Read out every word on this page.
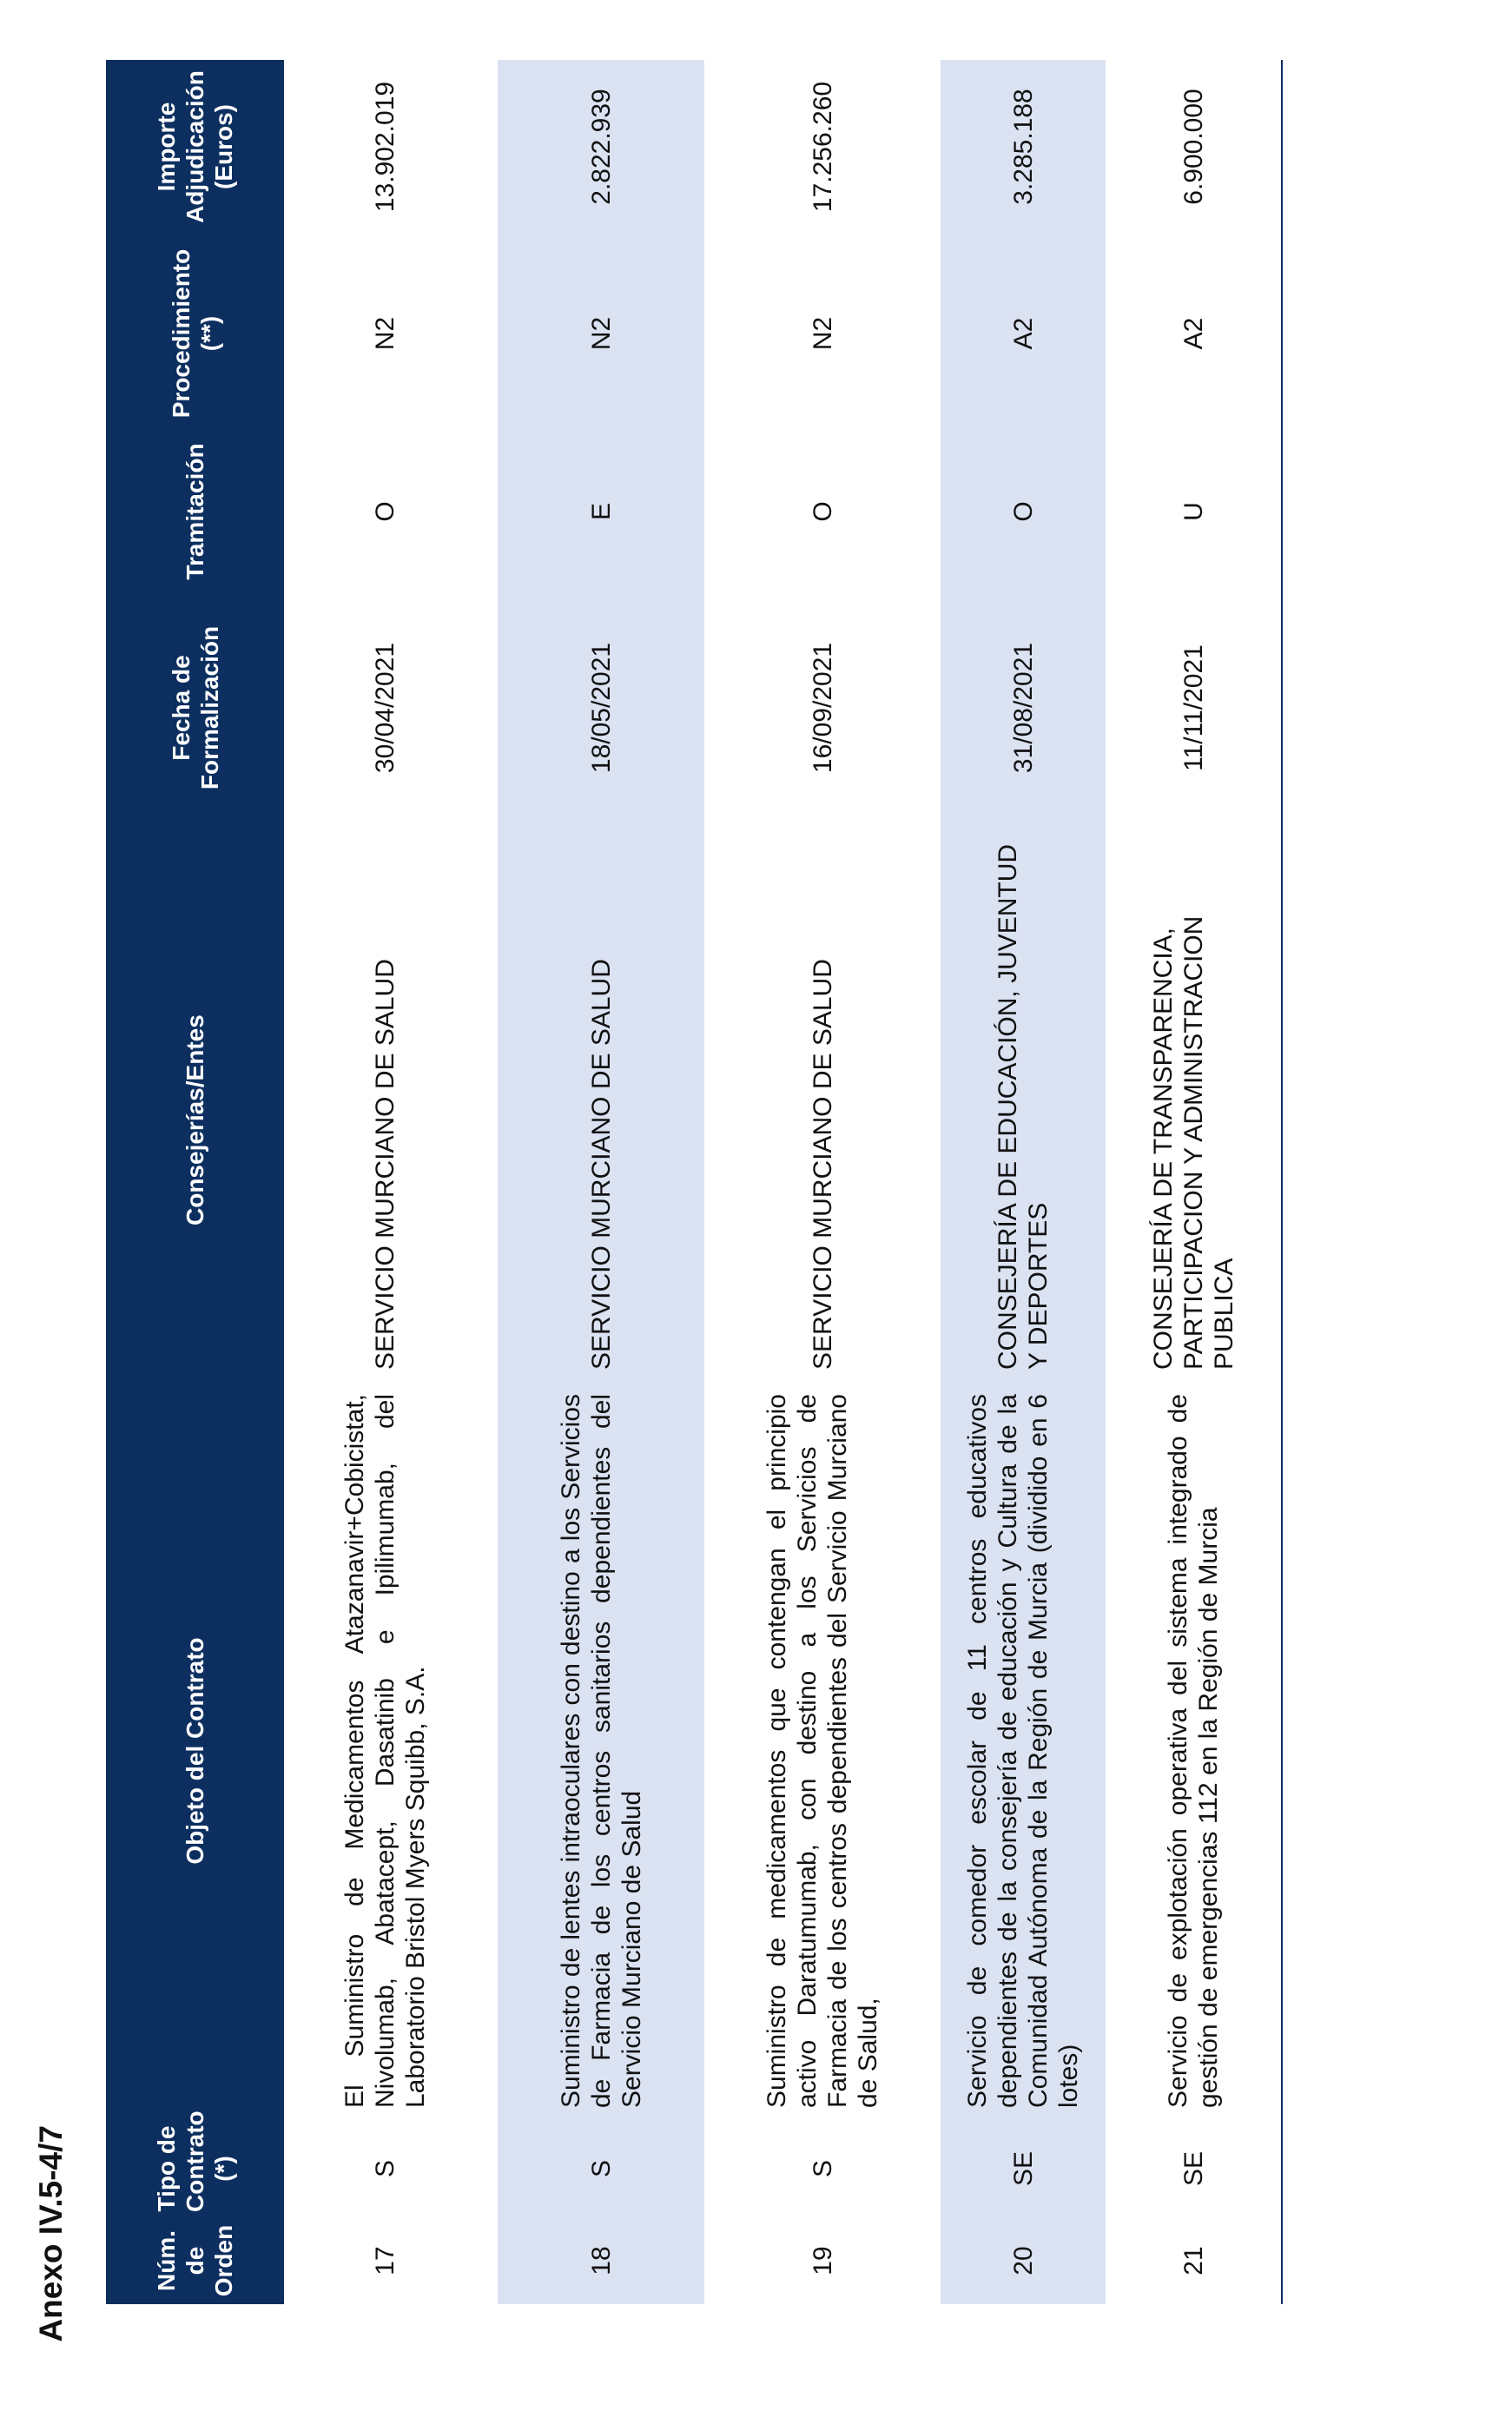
Anexo IV.5-4/7	Núm. de Orden	Tipo de Contrato (*)	Objeto del Contrato	Consejerías/Entes	Fecha de Formalización	Tramitación	Procedimiento (**)	Importe Adjudicación (Euros)
17	S	El Suministro de Medicamentos Atazanavir+Cobicistat, Nivolumab, Abatacept, Dasatinib e Ipilimumab, del Laboratorio Bristol Myers Squibb, S.A.	SERVICIO MURCIANO DE SALUD	30/04/2021	O	N2	13.902.019

18	S	Suministro de lentes intraoculares con destino a los Servicios de Farmacia de los centros sanitarios dependientes del Servicio Murciano de Salud	SERVICIO MURCIANO DE SALUD	18/05/2021	E	N2	2.822.939

19	S	Suministro de medicamentos que contengan el principio activo Daratumumab, con destino a los Servicios de Farmacia de los centros dependientes del Servicio Murciano de Salud,	SERVICIO MURCIANO DE SALUD	16/09/2021	O	N2	17.256.260

20	SE	Servicio de comedor escolar de 11 centros educativos dependientes de la consejería de educación y Cultura de la Comunidad Autónoma de la Región de Murcia (dividido en 6 lotes)	CONSEJERÍA DE EDUCACIÓN, JUVENTUD Y DEPORTES	31/08/2021	O	A2	3.285.188
21	SE	Servicio de explotación operativa del sistema integrado de gestión de emergencias 112 en la Región de Murcia	CONSEJERÍA DE TRANSPARENCIA, PARTICIPACION Y ADMINISTRACION PUBLICA	11/11/2021	U	A2	6.900.000
